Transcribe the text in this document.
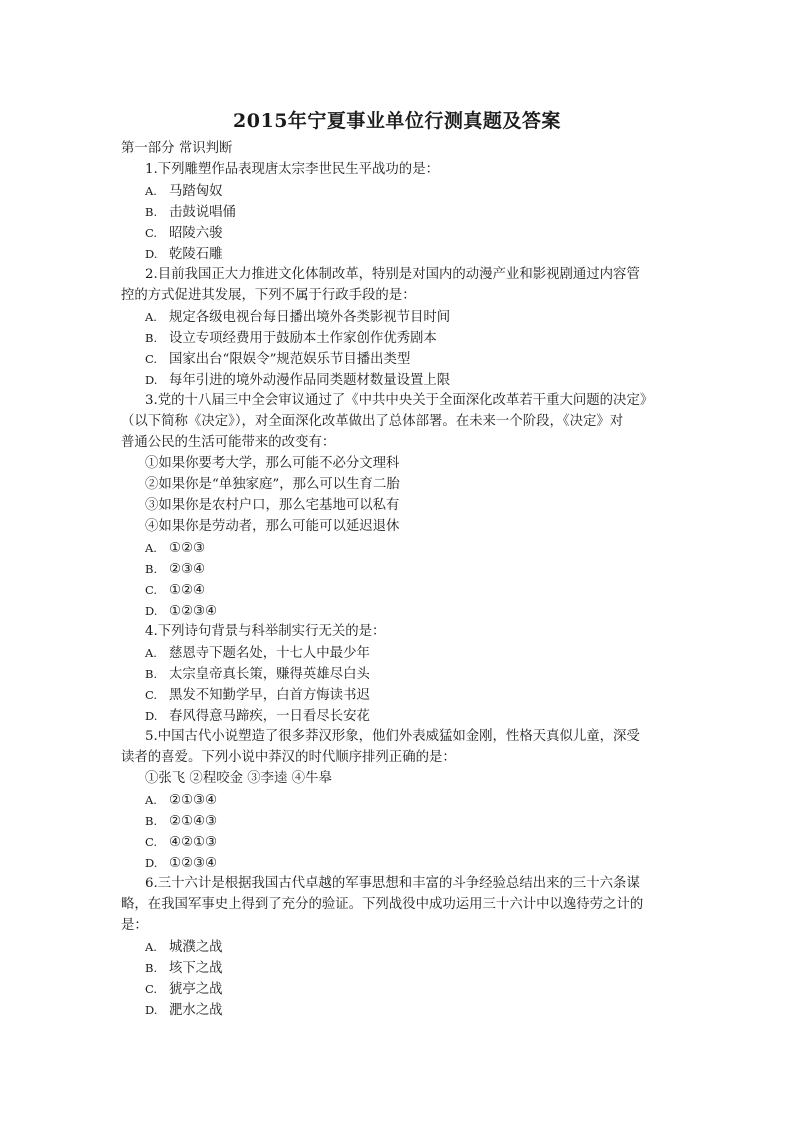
2015年宁夏事业单位行测真题及答案
第一部分 常识判断
1.下列雕塑作品表现唐太宗李世民生平战功的是：
A. 马踏匈奴
B. 击鼓说唱俑
C. 昭陵六骏
D. 乾陵石雕
2.目前我国正大力推进文化体制改革，特别是对国内的动漫产业和影视剧通过内容管
控的方式促进其发展，下列不属于行政手段的是：
A. 规定各级电视台每日播出境外各类影视节目时间
B. 设立专项经费用于鼓励本土作家创作优秀剧本
C. 国家出台“限娱令”规范娱乐节目播出类型
D. 每年引进的境外动漫作品同类题材数量设置上限
3.党的十八届三中全会审议通过了《中共中央关于全面深化改革若干重大问题的决定》
（以下简称《决定》），对全面深化改革做出了总体部署。在未来一个阶段，《决定》对
普通公民的生活可能带来的改变有：
①如果你要考大学，那么可能不必分文理科
②如果你是“单独家庭”，那么可以生育二胎
③如果你是农村户口，那么宅基地可以私有
④如果你是劳动者，那么可能可以延迟退休
A. ①②③
B. ②③④
C. ①②④
D. ①②③④
4.下列诗句背景与科举制实行无关的是：
A. 慈恩寺下题名处，十七人中最少年
B. 太宗皇帝真长策，赚得英雄尽白头
C. 黑发不知勤学早，白首方悔读书迟
D. 春风得意马蹄疾，一日看尽长安花
5.中国古代小说塑造了很多莽汉形象，他们外表威猛如金刚，性格天真似儿童，深受
读者的喜爱。下列小说中莽汉的时代顺序排列正确的是：
①张飞 ②程咬金 ③李逵 ④牛皋
A. ②①③④
B. ②①④③
C. ④②①③
D. ①②③④
6.三十六计是根据我国古代卓越的军事思想和丰富的斗争经验总结出来的三十六条谋
略，在我国军事史上得到了充分的验证。下列战役中成功运用三十六计中以逸待劳之计的
是：
A. 城濮之战
B. 垓下之战
C. 猇亭之战
D. 淝水之战
